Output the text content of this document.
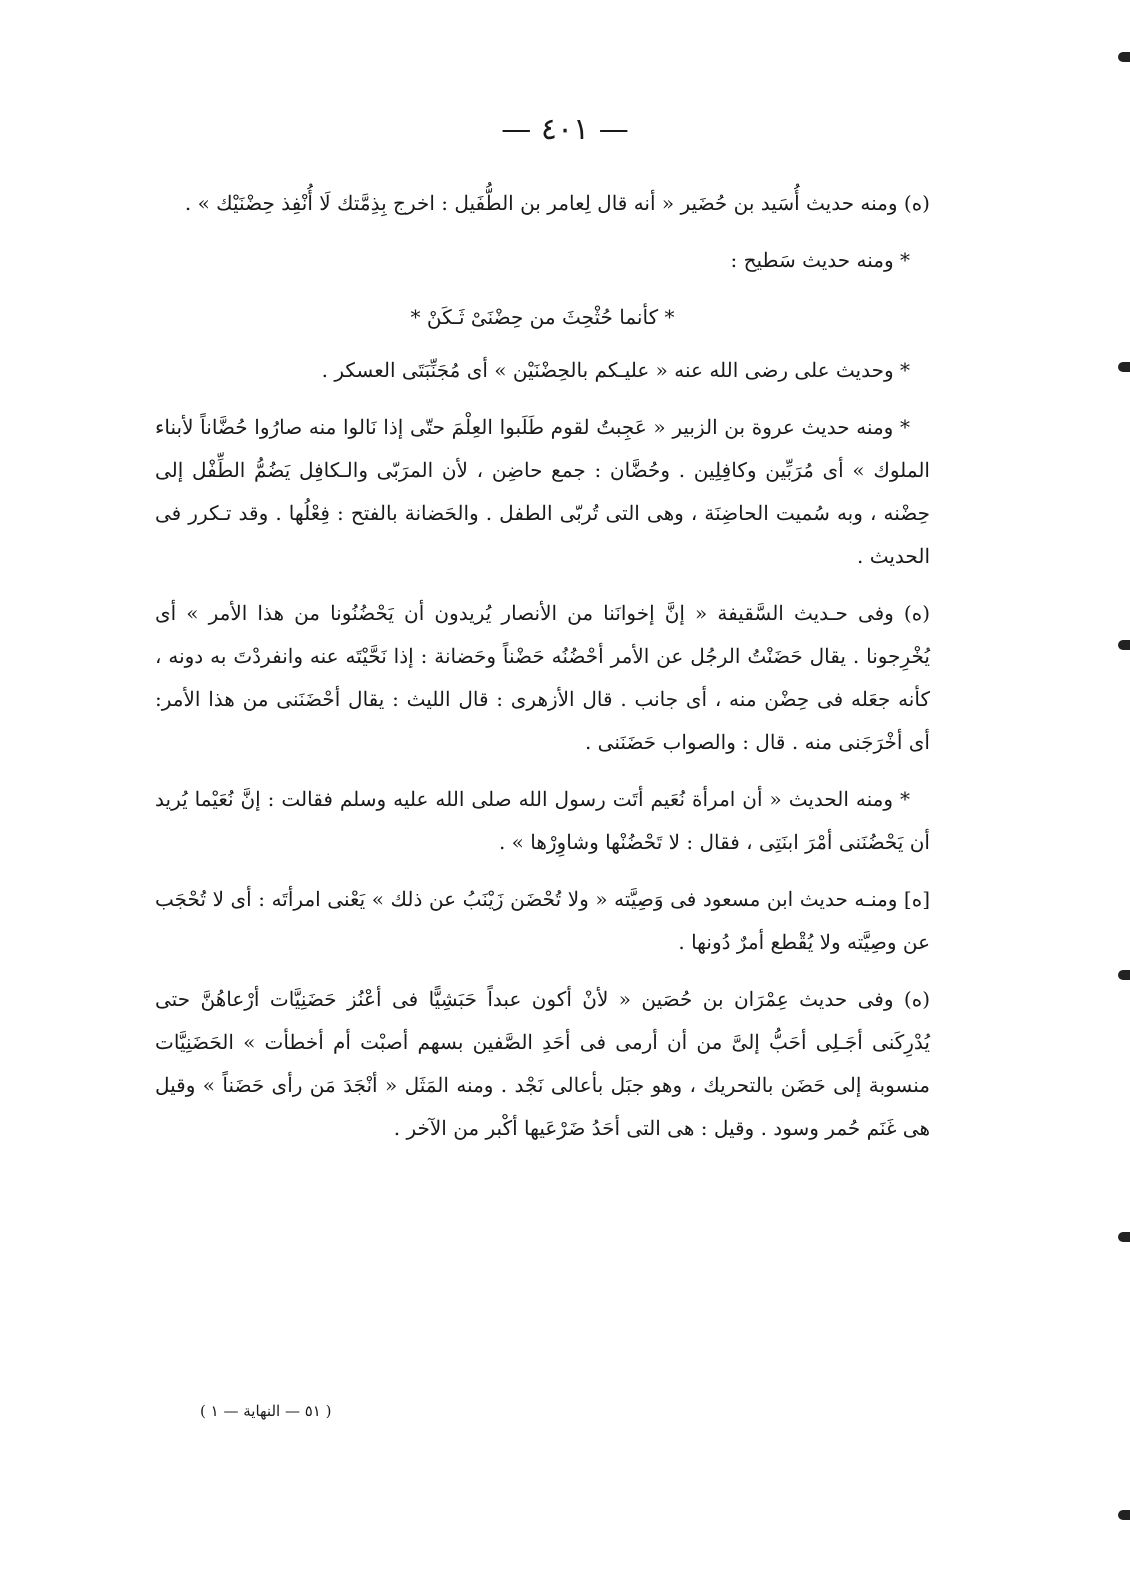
— ٤٠١ —

(ه) ومنه حديث أُسَيد بن حُضَير « أنه قال لِعامر بن الطُّفَيل : اخرج بِذِمَّتك لَا أُنْفِذ حِضْنَيْك » .

* ومنه حديث سَطيح :

* كأنما حُثْحِثَ من حِضْنَىْ ثَـكَنْ *

* وحديث على رضى الله عنه « عليـكم بالحِضْنَيْن » أى مُجَنِّبَتَى العسكر .

* ومنه حديث عروة بن الزبير « عَجِبتُ لقوم طَلَبوا العِلْمَ حتّى إذا نَالوا منه صارُوا حُضَّاناً لأبناء الملوك » أى مُرَبِّين وكافِلِين . وحُضَّان : جمع حاضِن ، لأن المرَبّى والـكافِل يَضُمُّ الطِّفْل إلى حِضْنه ، وبه سُميت الحاضِنَة ، وهى التى تُربّى الطفل . والحَضانة بالفتح : فِعْلُها . وقد تـكرر فى الحديث .

(ه) وفى حـديث السَّقيفة « إنَّ إخوانَنا من الأنصار يُريدون أن يَحْضُنُونا من هذا الأمر » أى يُخْرِجونا . يقال حَضَنْتُ الرجُل عن الأمر أحْضُنُه حَضْناً وحَضانة : إذا نَحَّيْتَه عنه وانفردْتَ به دونه ، كأنه جعَله فى حِضْن منه ، أى جانب . قال الأزهرى : قال الليث : يقال أحْضَنَنى من هذا الأمر: أى أخْرَجَنى منه . قال : والصواب حَضَنَنى .

* ومنه الحديث « أن امرأة نُعَيم أتَت رسول الله صلى الله عليه وسلم فقالت : إنَّ نُعَيْما يُريد أن يَحْضُنَنى أمْرَ ابنَتِى ، فقال : لا تَحْضُنْها وشاوِرْها » .

[ه] ومنـه حديث ابن مسعود فى وَصِيَّته « ولا تُحْضَن زَيْنَبُ عن ذلك » يَعْنى امرأتَه : أى لا تُحْجَب عن وصِيَّته ولا يُقْطع أمرٌ دُونها .

(ه) وفى حديث عِمْرَان بن حُصَين « لأنْ أكون عبداً حَبَشِيًّا فى أعْنُز حَضَنِيَّات أرْعاهُنَّ حتى يُدْرِكَنى أجَـلِى أحَبُّ إلىَّ من أن أرمى فى أحَدِ الصَّفين بسهم أصبْت أم أخطأت » الحَضَنِيَّات منسوبة إلى حَضَن بالتحريك ، وهو جبَل بأعالى نَجْد . ومنه المَثَل « أنْجَدَ مَن رأى حَضَناً » وقيل هى غَنَم حُمر وسود . وقيل : هى التى أحَدُ ضَرْعَيها أكْبر من الآخر .

( ٥١ — النهاية — ١ )
